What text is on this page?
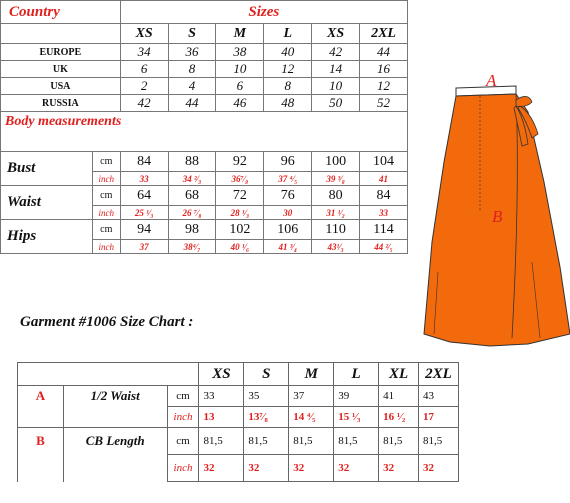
Country		Sizes					
		XS	S	M	L	XS	2XL
EUROPE		34	36	38	40	42	44
UK		6	8	10	12	14	16
USA		2	4	6	8	10	12
RUSSIA		42	44	46	48	50	52
Body measurements							

Bust	cm	84	88	92	96	100	104
	inch	33	34 ²⁄₃	36⁷⁄₈	37 ⁴⁄₅	39 ³⁄₈	41
Waist	cm	64	68	72	76	80	84
	inch	25 ¹⁄₃	26 ⁷⁄₈	28 ¹⁄₃	30	31 ¹⁄₂	33
Hips	cm	94	98	102	106	110	114
	inch	37	38⁴⁄₇	40 ¹⁄₆	41 ³⁄₄	43¹⁄₃	44 ²⁄₅
A
B
Garment #1006 Size Chart :
			XS	S	M	L	XL	2XL
A	1/2 Waist	cm	33	35	37	39	41	43
		inch	13	13⁷⁄₈	14 ⁴⁄₅	15 ¹⁄₃	16 ¹⁄₂	17
B	CB Length	cm	81,5	81,5	81,5	81,5	81,5	81,5
		inch	32	32	32	32	32	32
